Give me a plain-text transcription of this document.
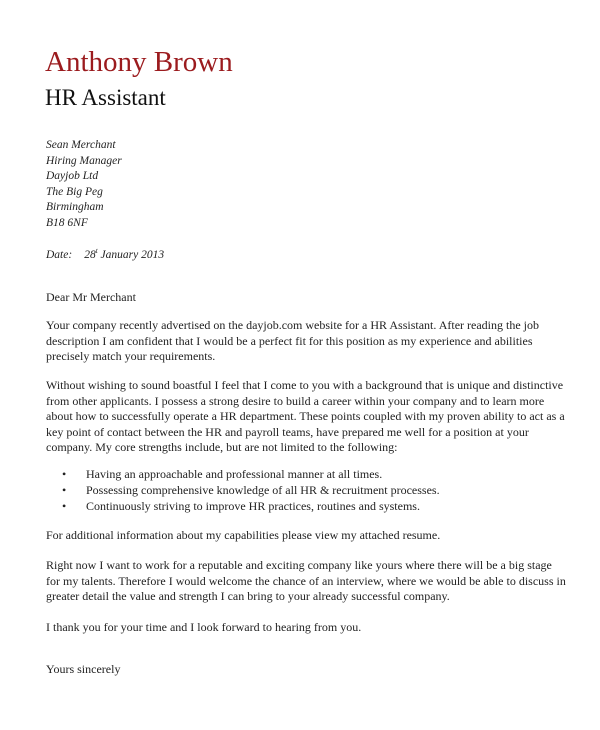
Anthony Brown
HR Assistant
Sean Merchant
Hiring Manager
Dayjob Ltd
The Big Peg
Birmingham
B18 6NF
Date: 28$^t$ January 2013

Dear Mr Merchant

Your company recently advertised on the dayjob.com website for a HR Assistant. After reading the job description I am confident that I would be a perfect fit for this position as my experience and abilities precisely match your requirements.

Without wishing to sound boastful I feel that I come to you with a background that is unique and distinctive from other applicants. I possess a strong desire to build a career within your company and to learn more about how to successfully operate a HR department. These points coupled with my proven ability to act as a key point of contact between the HR and payroll teams, have prepared me well for a position at your company. My core strengths include, but are not limited to the following:

• Having an approachable and professional manner at all times.
• Possessing comprehensive knowledge of all HR & recruitment processes.
• Continuously striving to improve HR practices, routines and systems.

For additional information about my capabilities please view my attached resume.

Right now I want to work for a reputable and exciting company like yours where there will be a big stage for my talents. Therefore I would welcome the chance of an interview, where we would be able to discuss in greater detail the value and strength I can bring to your already successful company.

I thank you for your time and I look forward to hearing from you.

Yours sincerely
